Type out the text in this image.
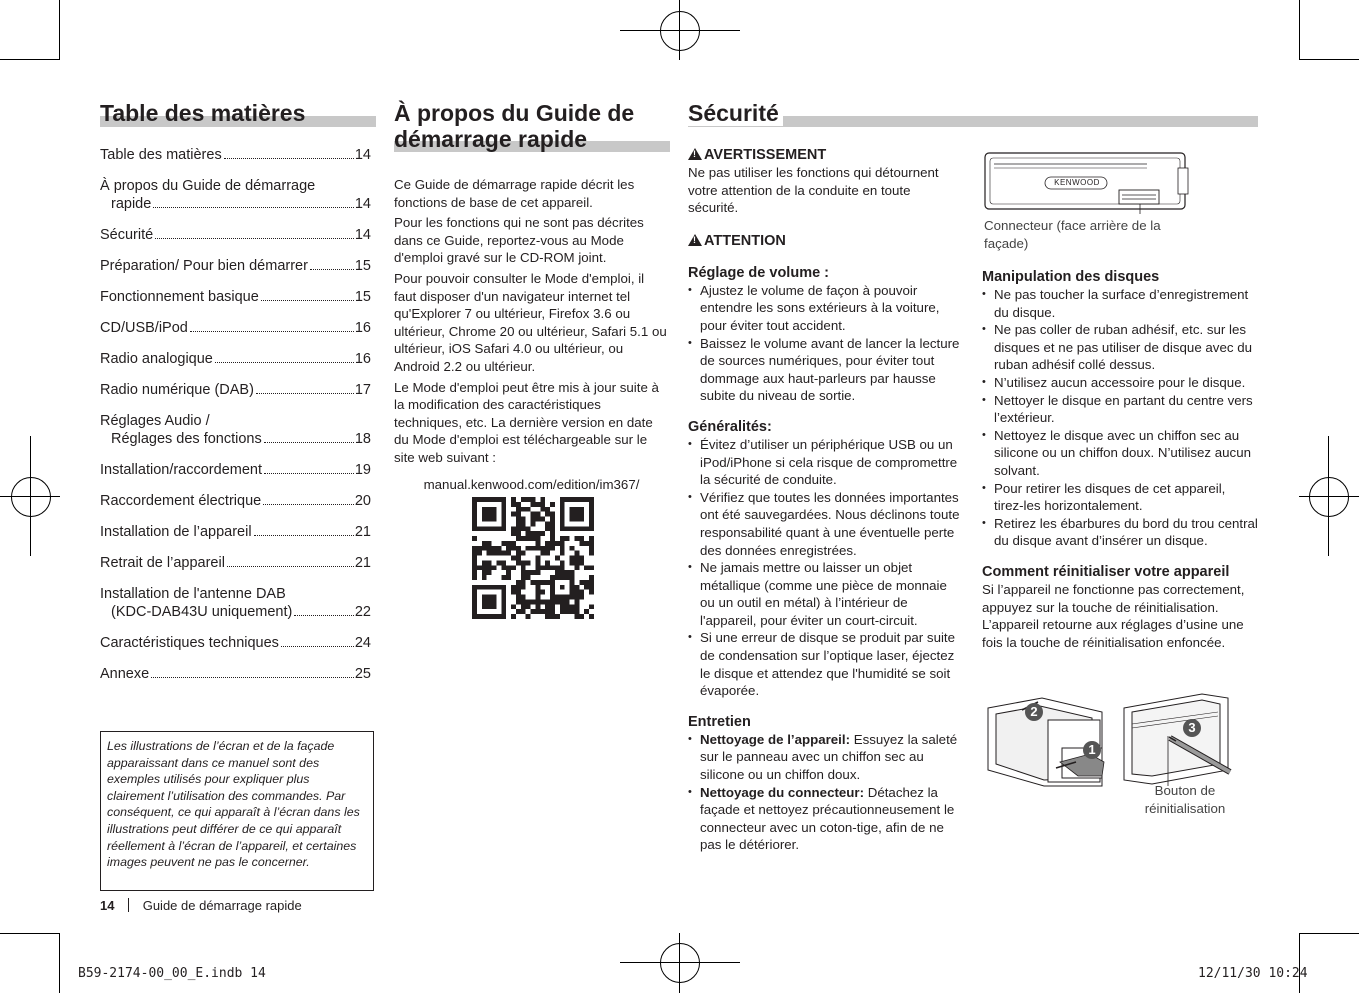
Table des matières
Table des matières	14
À propos du Guide de démarrage
rapide	14
Sécurité	14
Préparation/ Pour bien démarrer	15
Fonctionnement basique	15
CD/USB/iPod	16
Radio analogique	16
Radio numérique (DAB)	17
Réglages Audio /
Réglages des fonctions	18
Installation/raccordement	19
Raccordement électrique	20
Installation de l’appareil	21
Retrait de l’appareil	21
Installation de l'antenne DAB
(KDC-DAB43U uniquement)	22
Caractéristiques techniques	24
Annexe	25
Les illustrations de l’écran et de la façade apparaissant dans ce manuel sont des exemples utilisés pour expliquer plus clairement l’utilisation des commandes. Par conséquent, ce qui apparaît à l’écran dans les illustrations peut différer de ce qui apparaît réellement à l’écran de l’appareil, et certaines images peuvent ne pas le concerner.
14 Guide de démarrage rapide
À propos du Guide de
démarrage rapide

Ce Guide de démarrage rapide décrit les fonctions de base de cet appareil.

Pour les fonctions qui ne sont pas décrites dans ce Guide, reportez-vous au Mode d'emploi gravé sur le CD-ROM joint.

Pour pouvoir consulter le Mode d'emploi, il faut disposer d'un navigateur internet tel qu'Explorer 7 ou ultérieur, Firefox 3.6 ou ultérieur, Chrome 20 ou ultérieur, Safari 5.1 ou ultérieur, iOS Safari 4.0 ou ultérieur, ou Android 2.2 ou ultérieur.

Le Mode d'emploi peut être mis à jour suite à la modification des caractéristiques techniques, etc. La dernière version en date du Mode d'emploi est téléchargeable sur le site web suivant :

manual.kenwood.com/edition/im367/
Sécurité

!AVERTISSEMENT

Ne pas utiliser les fonctions qui détournent votre attention de la conduite en toute sécurité.

!ATTENTION

Réglage de volume :

• Ajustez le volume de façon à pouvoir entendre les sons extérieurs à la voiture, pour éviter tout accident.
• Baissez le volume avant de lancer la lecture de sources numériques, pour éviter tout dommage aux haut-parleurs par hausse subite du niveau de sortie.

Généralités:

• Évitez d’utiliser un périphérique USB ou un iPod/iPhone si cela risque de compromettre la sécurité de conduite.
• Vérifiez que toutes les données importantes ont été sauvegardées. Nous déclinons toute responsabilité quant à une éventuelle perte des données enregistrées.
• Ne jamais mettre ou laisser un objet métallique (comme une pièce de monnaie ou un outil en métal) à l’intérieur de l'appareil, pour éviter un court-circuit.
• Si une erreur de disque se produit par suite de condensation sur l’optique laser, éjectez le disque et attendez que l'humidité se soit évaporée.

Entretien

• Nettoyage de l’appareil: Essuyez la saleté sur le panneau avec un chiffon sec au silicone ou un chiffon doux.
• Nettoyage du connecteur: Détachez la façade et nettoyez précautionneusement le connecteur avec un coton-tige, afin de ne pas le détériorer.
KENWOOD
Connecteur (face arrière de la façade)

Manipulation des disques

• Ne pas toucher la surface d’enregistrement du disque.
• Ne pas coller de ruban adhésif, etc. sur les disques et ne pas utiliser de disque avec du ruban adhésif collé dessus.
• N’utilisez aucun accessoire pour le disque.
• Nettoyer le disque en partant du centre vers l’extérieur.
• Nettoyez le disque avec un chiffon sec au silicone ou un chiffon doux. N’utilisez aucun solvant.
• Pour retirer les disques de cet appareil, tirez-les horizontalement.
• Retirez les ébarbures du bord du trou central du disque avant d’insérer un disque.

Comment réinitialiser votre appareil

Si l’appareil ne fonctionne pas correctement, appuyez sur la touche de réinitialisation. L’appareil retourne aux réglages d’usine une fois la touche de réinitialisation enfoncée.

2
1
3
Bouton de
réinitialisation
B59-2174-00_00_E.indb 14	12/11/30 10:24
